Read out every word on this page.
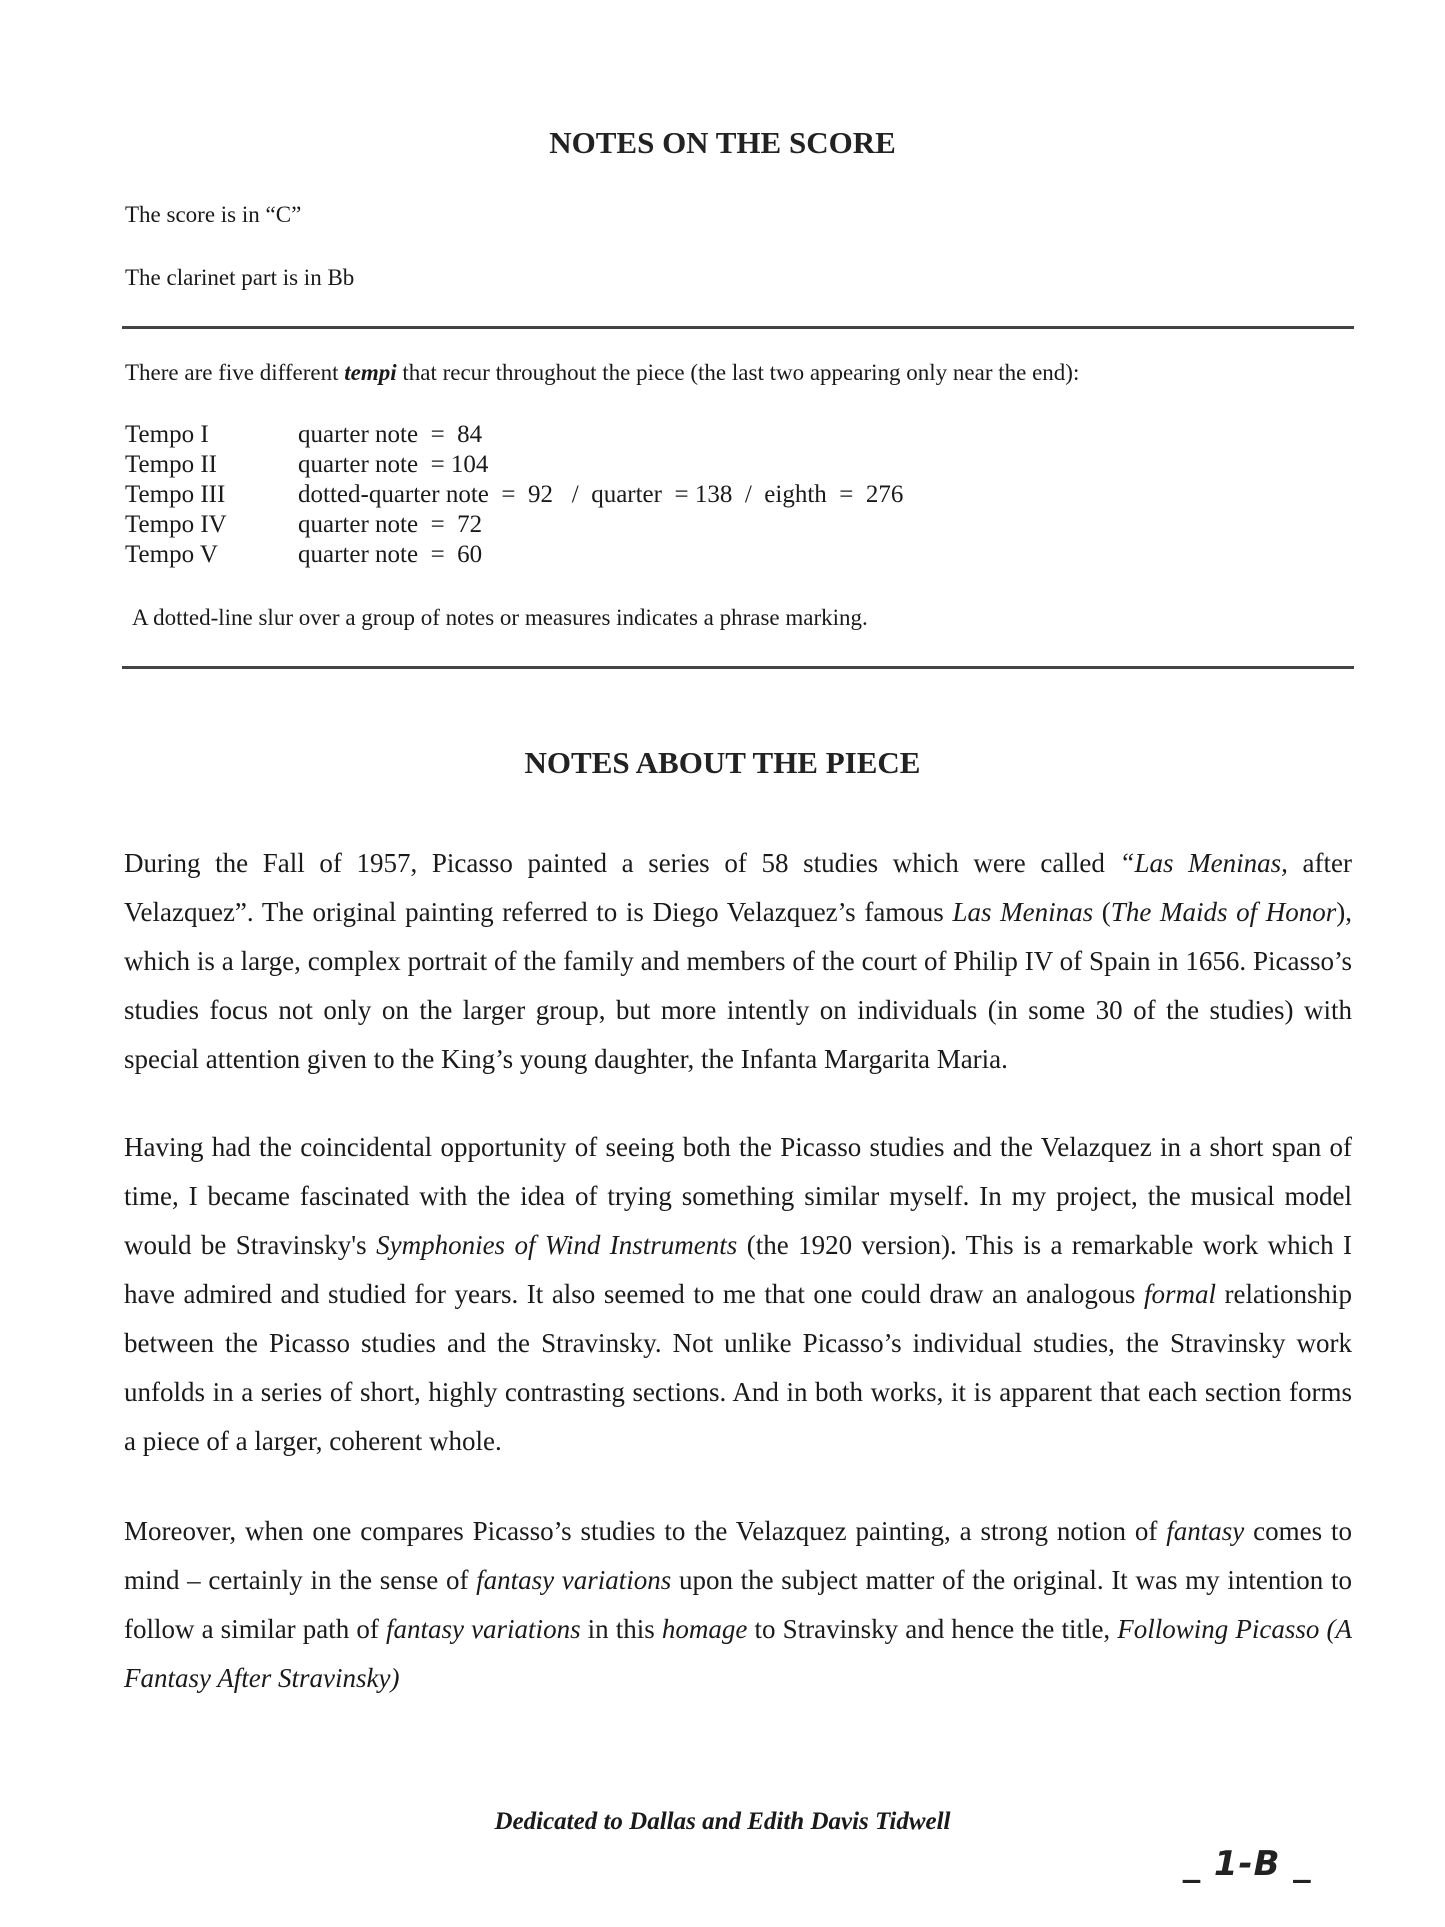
NOTES ON THE SCORE

The score is in “C”

The clarinet part is in Bb

There are five different tempi that recur throughout the piece (the last two appearing only near the end):

Tempo I	quarter note  =  84
Tempo II	quarter note  = 104
Tempo III	dotted-quarter note  =  92   /  quarter  = 138  /  eighth  =  276
Tempo IV	quarter note  =  72
Tempo V	quarter note  =  60

A dotted-line slur over a group of notes or measures indicates a phrase marking.

NOTES ABOUT THE PIECE

During the Fall of 1957, Picasso painted a series of 58 studies which were called “Las Meninas, after Velazquez”. The original painting referred to is Diego Velazquez’s famous Las Meninas (The Maids of Honor), which is a large, complex portrait of the family and members of the court of Philip IV of Spain in 1656. Picasso’s studies focus not only on the larger group, but more intently on individuals (in some 30 of the studies) with special attention given to the King’s young daughter, the Infanta Margarita Maria.

Having had the coincidental opportunity of seeing both the Picasso studies and the Velazquez in a short span of time, I became fascinated with the idea of trying something similar myself. In my project, the musical model would be Stravinsky's Symphonies of Wind Instruments (the 1920 version). This is a remarkable work which I have admired and studied for years. It also seemed to me that one could draw an analogous formal relationship between the Picasso studies and the Stravinsky. Not unlike Picasso’s individual studies, the Stravinsky work unfolds in a series of short, highly contrasting sections. And in both works, it is apparent that each section forms a piece of a larger, coherent whole.

Moreover, when one compares Picasso’s studies to the Velazquez painting, a strong notion of fantasy comes to mind – certainly in the sense of fantasy variations upon the subject matter of the original. It was my intention to follow a similar path of fantasy variations in this homage to Stravinsky and hence the title, Following Picasso (A Fantasy After Stravinsky)

Dedicated to Dallas and Edith Davis Tidwell

_ 1-B _
